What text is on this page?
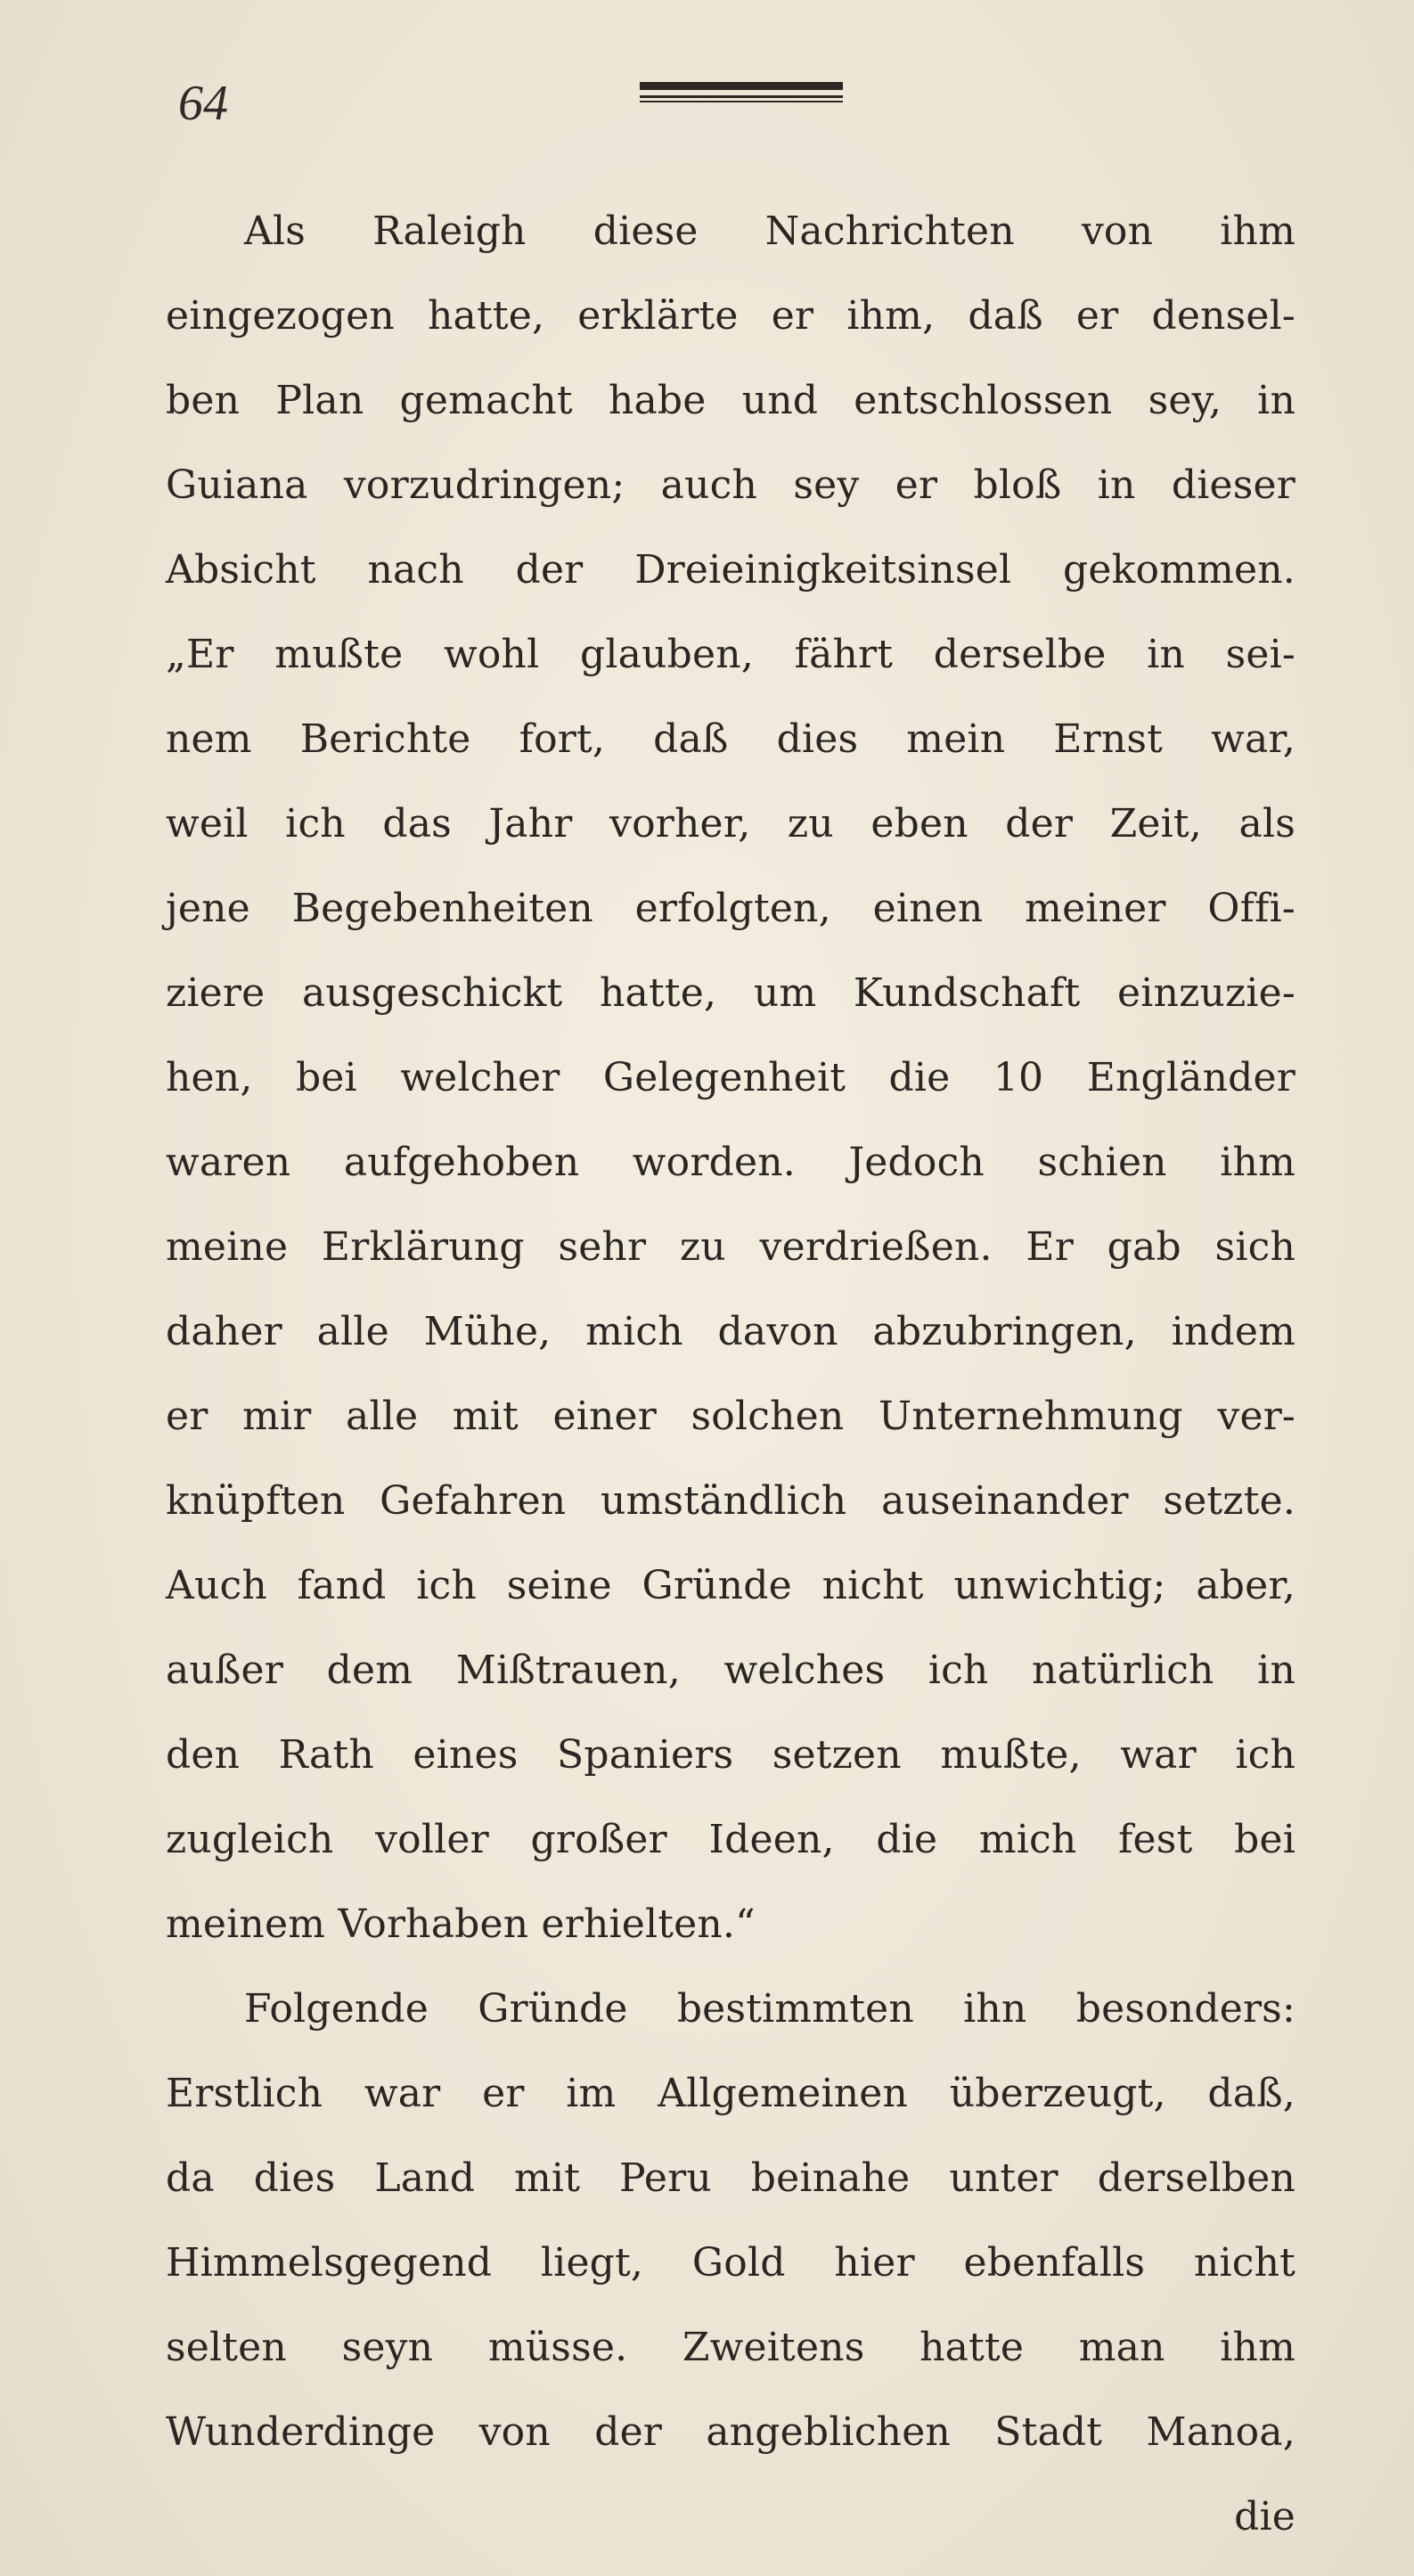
64
Als Raleigh diese Nachrichten von ihm
eingezogen hatte, erklärte er ihm, daß er densel-
ben Plan gemacht habe und entschlossen sey, in
Guiana vorzudringen; auch sey er bloß in dieser
Absicht nach der Dreieinigkeitsinsel gekommen.
„Er mußte wohl glauben, fährt derselbe in sei-
nem Berichte fort, daß dies mein Ernst war,
weil ich das Jahr vorher, zu eben der Zeit, als
jene Begebenheiten erfolgten, einen meiner Offi-
ziere ausgeschickt hatte, um Kundschaft einzuzie-
hen, bei welcher Gelegenheit die 10 Engländer
waren aufgehoben worden. Jedoch schien ihm
meine Erklärung sehr zu verdrießen. Er gab sich
daher alle Mühe, mich davon abzubringen, indem
er mir alle mit einer solchen Unternehmung ver-
knüpften Gefahren umständlich auseinander setzte.
Auch fand ich seine Gründe nicht unwichtig; aber,
außer dem Mißtrauen, welches ich natürlich in
den Rath eines Spaniers setzen mußte, war ich
zugleich voller großer Ideen, die mich fest bei
meinem Vorhaben erhielten.“
Folgende Gründe bestimmten ihn besonders:
Erstlich war er im Allgemeinen überzeugt, daß,
da dies Land mit Peru beinahe unter derselben
Himmelsgegend liegt, Gold hier ebenfalls nicht
selten seyn müsse. Zweitens hatte man ihm
Wunderdinge von der angeblichen Stadt Manoa,
die
